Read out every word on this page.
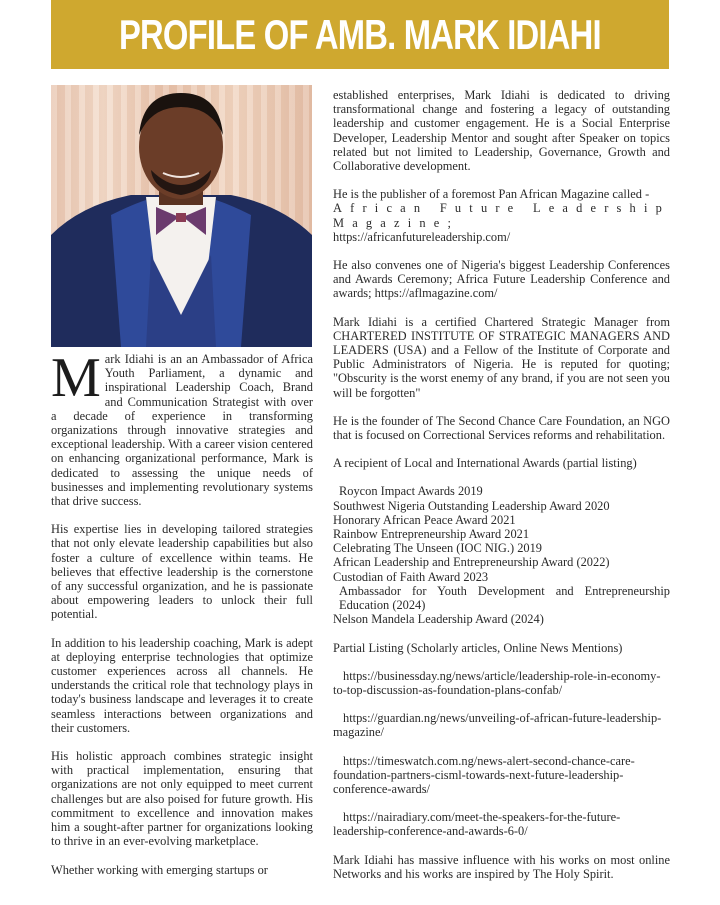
PROFILE OF AMB. MARK IDIAHI

Mark Idiahi is an an Ambassador of Africa Youth Parliament, a dynamic and inspirational Leadership Coach, Brand and Communication Strategist with over a decade of experience in transforming organizations through innovative strategies and exceptional leadership. With a career vision centered on enhancing organizational performance, Mark is dedicated to assessing the unique needs of businesses and implementing revolutionary systems that drive success.

His expertise lies in developing tailored strategies that not only elevate leadership capabilities but also foster a culture of excellence within teams. He believes that effective leadership is the cornerstone of any successful organization, and he is passionate about empowering leaders to unlock their full potential.

In addition to his leadership coaching, Mark is adept at deploying enterprise technologies that optimize customer experiences across all channels. He understands the critical role that technology plays in today's business landscape and leverages it to create seamless interactions between organizations and their customers.

His holistic approach combines strategic insight with practical implementation, ensuring that organizations are not only equipped to meet current challenges but are also poised for future growth. His commitment to excellence and innovation makes him a sought-after partner for organizations looking to thrive in an ever-evolving marketplace.

Whether working with emerging startups or

established enterprises, Mark Idiahi is dedicated to driving transformational change and fostering a legacy of outstanding leadership and customer engagement. He is a Social Enterprise Developer, Leadership Mentor and sought after Speaker on topics related but not limited to Leadership, Governance, Growth and Collaborative development.

He is the publisher of a foremost Pan African Magazine called -
African Future Leadership Magazine;
https://africanfutureleadership.com/

He also convenes one of Nigeria's biggest Leadership Conferences and Awards Ceremony; Africa Future Leadership Conference and awards; https://aflmagazine.com/

Mark Idiahi is a certified Chartered Strategic Manager from CHARTERED INSTITUTE OF STRATEGIC MANAGERS AND LEADERS (USA) and a Fellow of the Institute of Corporate and Public Administrators of Nigeria. He is reputed for quoting; "Obscurity is the worst enemy of any brand, if you are not seen you will be forgotten"

He is the founder of The Second Chance Care Foundation, an NGO that is focused on Correctional Services reforms and rehabilitation.

A recipient of Local and International Awards (partial listing)

Roycon Impact Awards 2019
Southwest Nigeria Outstanding Leadership Award 2020
Honorary African Peace Award 2021
Rainbow Entrepreneurship Award 2021
Celebrating The Unseen (IOC NIG.) 2019
African Leadership and Entrepreneurship Award (2022)
Custodian of Faith Award 2023
Ambassador for Youth Development and Entrepreneurship Education (2024)
Nelson Mandela Leadership Award (2024)

Partial Listing (Scholarly articles, Online News Mentions)

https://businessday.ng/news/article/leadership-role-in-economy-to-top-discussion-as-foundation-plans-confab/

https://guardian.ng/news/unveiling-of-african-future-leadership-magazine/

https://timeswatch.com.ng/news-alert-second-chance-care-foundation-partners-cisml-towards-next-future-leadership-conference-awards/

https://nairadiary.com/meet-the-speakers-for-the-future-leadership-conference-and-awards-6-0/

Mark Idiahi has massive influence with his works on most online Networks and his works are inspired by The Holy Spirit.
